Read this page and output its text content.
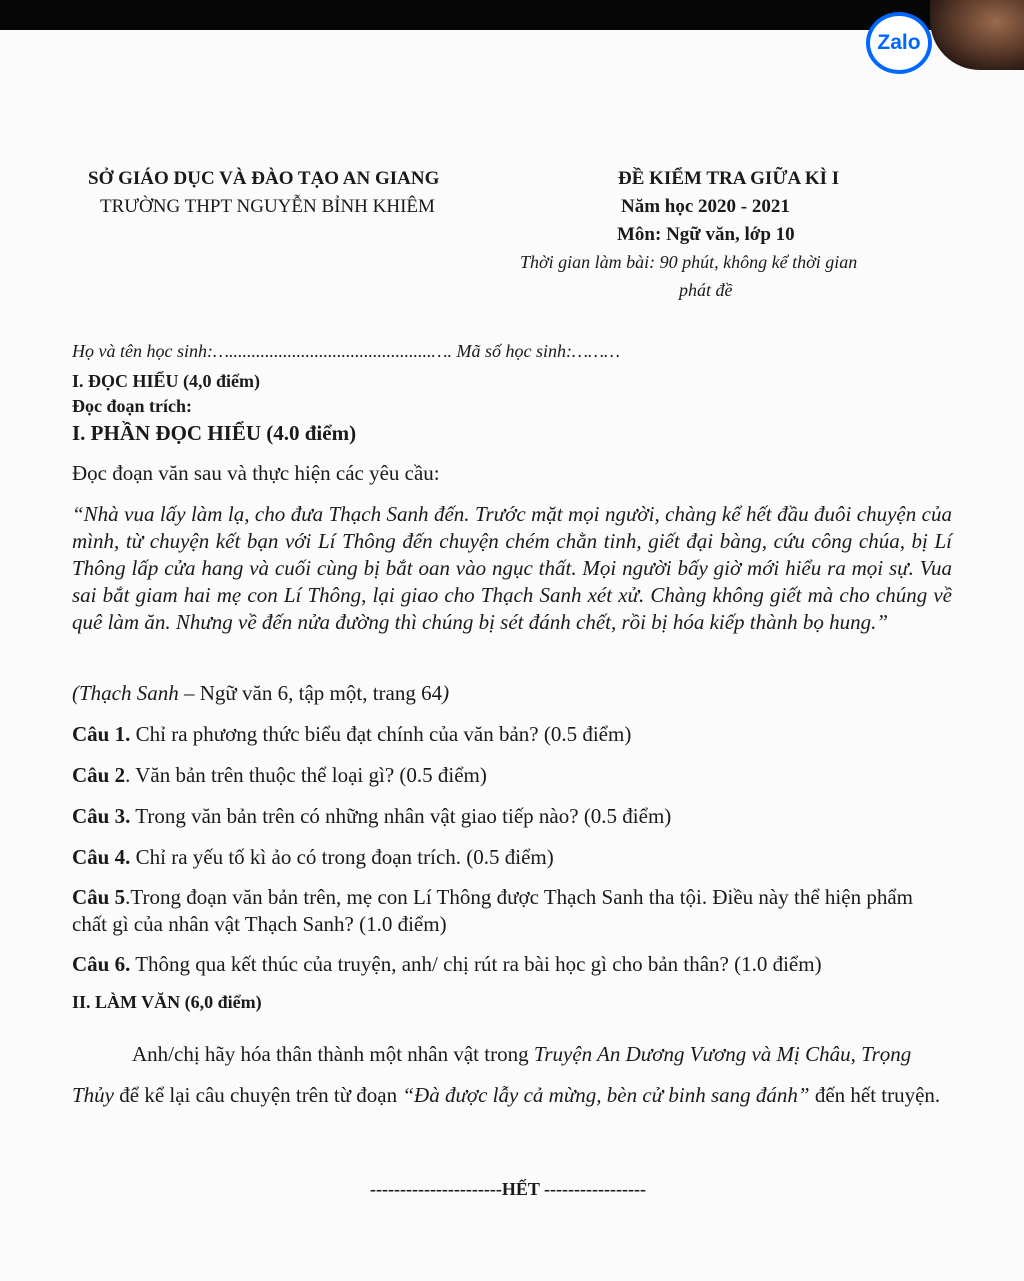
Zalo
SỞ GIÁO DỤC VÀ ĐÀO TẠO AN GIANG
TRƯỜNG THPT NGUYỄN BỈNH KHIÊM
ĐỀ KIỂM TRA GIỮA KÌ I
Năm học 2020 - 2021
Môn: Ngữ văn, lớp 10
Thời gian làm bài: 90 phút, không kể thời gian
phát đề
Họ và tên học sinh:….............................................…. Mã số học sinh:………
I. ĐỌC HIỂU (4,0 điểm)
Đọc đoạn trích:
I. PHẦN ĐỌC HIỂU (4.0 điểm)
Đọc đoạn văn sau và thực hiện các yêu cầu:
“Nhà vua lấy làm lạ, cho đưa Thạch Sanh đến. Trước mặt mọi người, chàng kể hết đầu đuôi chuyện của mình, từ chuyện kết bạn với Lí Thông đến chuyện chém chằn tinh, giết đại bàng, cứu công chúa, bị Lí Thông lấp cửa hang và cuối cùng bị bắt oan vào ngục thất. Mọi người bấy giờ mới hiểu ra mọi sự. Vua sai bắt giam hai mẹ con Lí Thông, lại giao cho Thạch Sanh xét xử. Chàng không giết mà cho chúng về quê làm ăn. Nhưng về đến nửa đường thì chúng bị sét đánh chết, rồi bị hóa kiếp thành bọ hung.”
(Thạch Sanh – Ngữ văn 6, tập một, trang 64)
Câu 1. Chỉ ra phương thức biểu đạt chính của văn bản? (0.5 điểm)
Câu 2. Văn bản trên thuộc thể loại gì? (0.5 điểm)
Câu 3. Trong văn bản trên có những nhân vật giao tiếp nào? (0.5 điểm)
Câu 4. Chỉ ra yếu tố kì ảo có trong đoạn trích. (0.5 điểm)
Câu 5.Trong đoạn văn bản trên, mẹ con Lí Thông được Thạch Sanh tha tội. Điều này thể hiện phẩm chất gì của nhân vật Thạch Sanh? (1.0 điểm)
Câu 6. Thông qua kết thúc của truyện, anh/ chị rút ra bài học gì cho bản thân? (1.0 điểm)
II. LÀM VĂN (6,0 điểm)
Anh/chị hãy hóa thân thành một nhân vật trong Truyện An Dương Vương và Mị Châu, Trọng Thủy để kể lại câu chuyện trên từ đoạn “Đà được lẫy cả mừng, bèn cử binh sang đánh” đến hết truyện.
----------------------HẾT -----------------
